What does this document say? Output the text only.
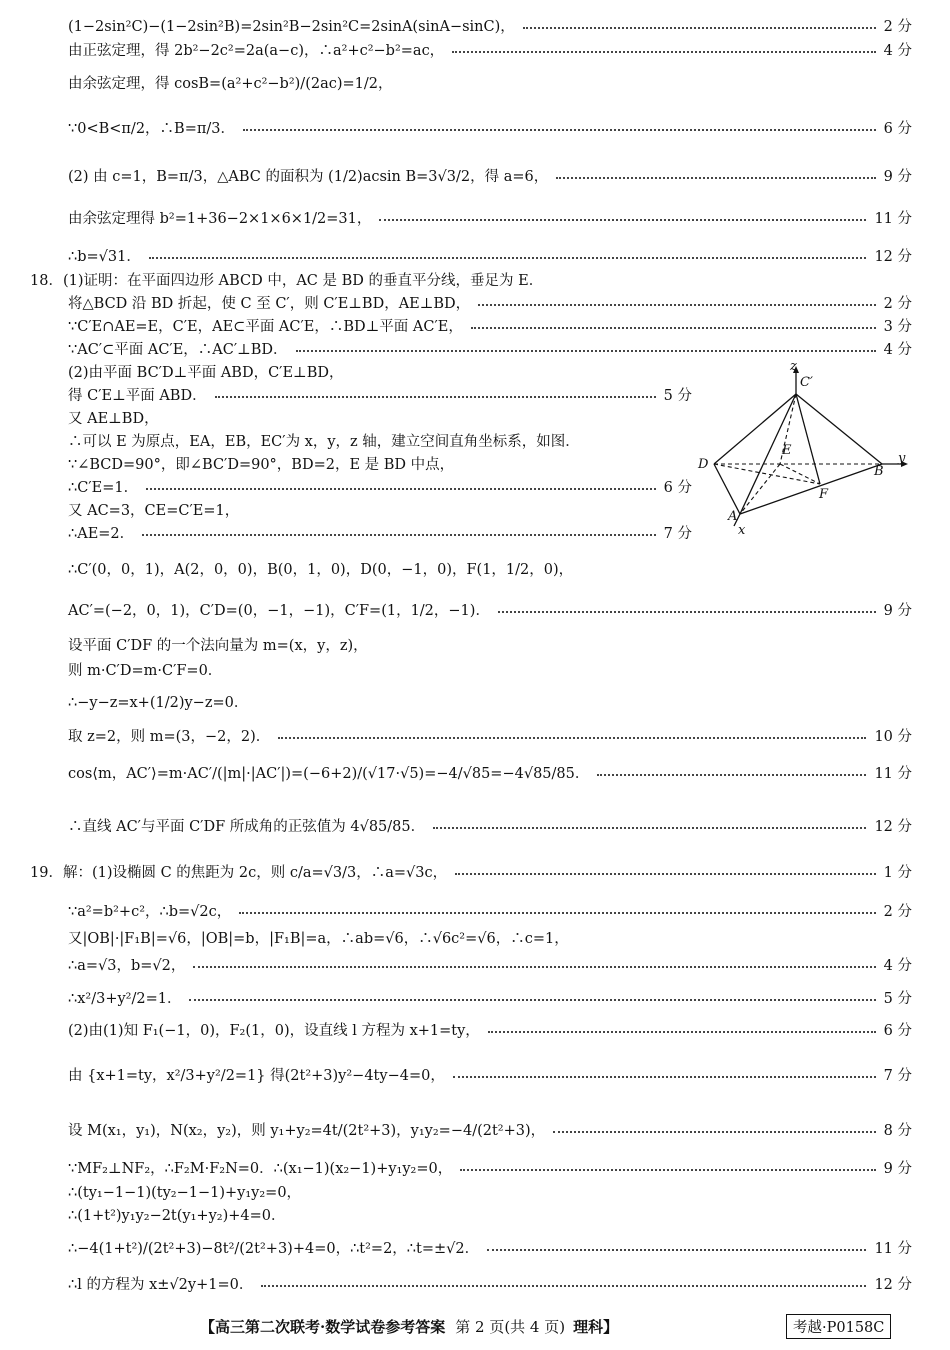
(1−2sin²C)−(1−2sin²B)=2sin²B−2sin²C=2sinA(sinA−sinC)，	2 分
由正弦定理，得 2b²−2c²=2a(a−c)，∴a²+c²−b²=ac，	4 分
由余弦定理，得 cosB=(a²+c²−b²)/(2ac)=1/2，
∵0<B<π/2，∴B=π/3．	6 分
(2) 由 c=1，B=π/3，△ABC 的面积为 (1/2)acsin B=3√3/2，得 a=6，	9 分
由余弦定理得 b²=1+36−2×1×6×1/2=31，	11 分
∴b=√31．	12 分
18．(1)证明：在平面四边形 ABCD 中，AC 是 BD 的垂直平分线，垂足为 E．
将△BCD 沿 BD 折起，使 C 至 C′，则 C′E⊥BD，AE⊥BD，	2 分
∵C′E∩AE=E，C′E，AE⊂平面 AC′E，∴BD⊥平面 AC′E，	3 分
∵AC′⊂平面 AC′E，∴AC′⊥BD．	4 分
(2)由平面 BC′D⊥平面 ABD，C′E⊥BD，
得 C′E⊥平面 ABD．	5 分
又 AE⊥BD，
∴可以 E 为原点，EA，EB，EC′为 x，y，z 轴，建立空间直角坐标系，如图．
∵∠BCD=90°，即∠BC′D=90°，BD=2，E 是 BD 中点，
∴C′E=1．	6 分
又 AC=3，CE=C′E=1，
∴AE=2．	7 分
z
C′
E
D	B
y
F
A
x
∴C′(0，0，1)，A(2，0，0)，B(0，1，0)，D(0，−1，0)，F(1，1/2，0)，
AC′=(−2，0，1)，C′D=(0，−1，−1)，C′F=(1，1/2，−1)．	9 分
设平面 C′DF 的一个法向量为 m=(x，y，z)，
则 m·C′D=m·C′F=0．
∴−y−z=x+(1/2)y−z=0．
取 z=2，则 m=(3，−2，2)．	10 分
cos⟨m，AC′⟩=m·AC′/(|m|·|AC′|)=(−6+2)/(√17·√5)=−4/√85=−4√85/85．	11 分
∴直线 AC′与平面 C′DF 所成角的正弦值为 4√85/85．	12 分
19．解：(1)设椭圆 C 的焦距为 2c，则 c/a=√3/3，∴a=√3c，	1 分
∵a²=b²+c²，∴b=√2c，	2 分
又|OB|·|F₁B|=√6，|OB|=b，|F₁B|=a，∴ab=√6，∴√6c²=√6，∴c=1，
∴a=√3，b=√2，	4 分
∴x²/3+y²/2=1．	5 分
(2)由(1)知 F₁(−1，0)，F₂(1，0)，设直线 l 方程为 x+1=ty，	6 分
由 {x+1=ty，x²/3+y²/2=1} 得(2t²+3)y²−4ty−4=0，	7 分
设 M(x₁，y₁)，N(x₂，y₂)，则 y₁+y₂=4t/(2t²+3)，y₁y₂=−4/(2t²+3)，	8 分
∵MF₂⊥NF₂，∴F₂M·F₂N=0．∴(x₁−1)(x₂−1)+y₁y₂=0，	9 分
∴(ty₁−1−1)(ty₂−1−1)+y₁y₂=0，
∴(1+t²)y₁y₂−2t(y₁+y₂)+4=0．
∴−4(1+t²)/(2t²+3)−8t²/(2t²+3)+4=0，∴t²=2，∴t=±√2．	11 分
∴l 的方程为 x±√2y+1=0．	12 分
【高三第二次联考·数学试卷参考答案 第 2 页(共 4 页) 理科】	考越·P0158C
